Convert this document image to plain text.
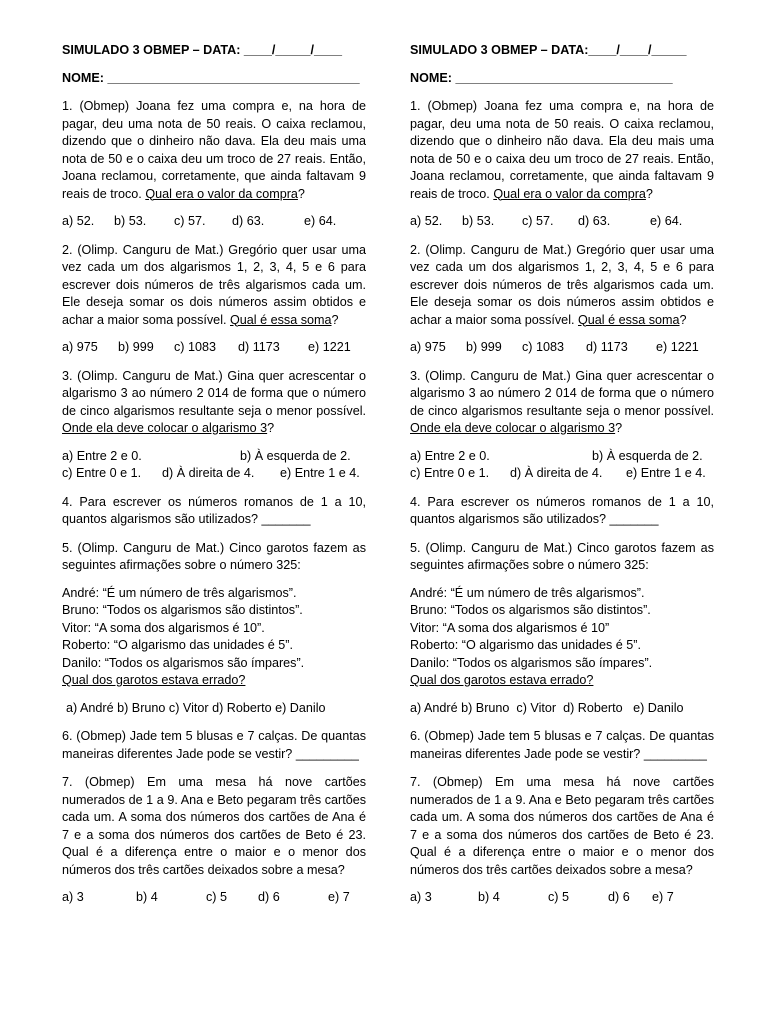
SIMULADO 3 OBMEP – DATA: ____/_____/____

NOME: ____________________________________

1. (Obmep) Joana fez uma compra e, na hora de pagar, deu uma nota de 50 reais. O caixa reclamou, dizendo que o dinheiro não dava. Ela deu mais uma nota de 50 e o caixa deu um troco de 27 reais. Então, Joana reclamou, corretamente, que ainda faltavam 9 reais de troco. Qual era o valor da compra?

a) 52. b) 53. c) 57. d) 63.	e) 64.

2. (Olimp. Canguru de Mat.) Gregório quer usar uma vez cada um dos algarismos 1, 2, 3, 4, 5 e 6 para escrever dois números de três algarismos cada um. Ele deseja somar os dois números assim obtidos e achar a maior soma possível. Qual é essa soma?

a) 975 b) 999 c) 1083 d) 1173 e) 1221

3. (Olimp. Canguru de Mat.) Gina quer acrescentar o algarismo 3 ao número 2 014 de forma que o número de cinco algarismos resultante seja o menor possível. Onde ela deve colocar o algarismo 3?

a) Entre 2 e 0.	b) À esquerda de 2.
c) Entre 0 e 1. d) À direita de 4. e) Entre 1 e 4.

4. Para escrever os números romanos de 1 a 10, quantos algarismos são utilizados? _______

5. (Olimp. Canguru de Mat.) Cinco garotos fazem as seguintes afirmações sobre o número 325:

André: “É um número de três algarismos”.
Bruno: “Todos os algarismos são distintos”.
Vitor: “A soma dos algarismos é 10”.
Roberto: “O algarismo das unidades é 5”.
Danilo: “Todos os algarismos são ímpares”.
Qual dos garotos estava errado?
a) André b) Bruno c) Vitor d) Roberto e) Danilo

6. (Obmep) Jade tem 5 blusas e 7 calças. De quantas maneiras diferentes Jade pode se vestir? _________

7. (Obmep) Em uma mesa há nove cartões numerados de 1 a 9. Ana e Beto pegaram três cartões cada um. A soma dos números dos cartões de Ana é 7 e a soma dos números dos cartões de Beto é 23. Qual é a diferença entre o maior e o menor dos números dos três cartões deixados sobre a mesa?

a) 3	b) 4	c) 5 d) 6	e) 7

SIMULADO 3 OBMEP – DATA:____/____/_____

NOME: _______________________________

1. (Obmep) Joana fez uma compra e, na hora de pagar, deu uma nota de 50 reais. O caixa reclamou, dizendo que o dinheiro não dava. Ela deu mais uma nota de 50 e o caixa deu um troco de 27 reais. Então, Joana reclamou, corretamente, que ainda faltavam 9 reais de troco. Qual era o valor da compra?

a) 52. b) 53. c) 57. d) 63.	e) 64.

2. (Olimp. Canguru de Mat.) Gregório quer usar uma vez cada um dos algarismos 1, 2, 3, 4, 5 e 6 para escrever dois números de três algarismos cada um. Ele deseja somar os dois números assim obtidos e achar a maior soma possível. Qual é essa soma?

a) 975 b) 999 c) 1083 d) 1173 e) 1221

3. (Olimp. Canguru de Mat.) Gina quer acrescentar o algarismo 3 ao número 2 014 de forma que o número de cinco algarismos resultante seja o menor possível. Onde ela deve colocar o algarismo 3?

a) Entre 2 e 0.	b) À esquerda de 2.
c) Entre 0 e 1. d) À direita de 4. e) Entre 1 e 4.

4. Para escrever os números romanos de 1 a 10, quantos algarismos são utilizados? _______

5. (Olimp. Canguru de Mat.) Cinco garotos fazem as seguintes afirmações sobre o número 325:

André: “É um número de três algarismos”.
Bruno: “Todos os algarismos são distintos”.
Vitor: “A soma dos algarismos é 10”
Roberto: “O algarismo das unidades é 5”.
Danilo: “Todos os algarismos são ímpares”.
Qual dos garotos estava errado?
a) André b) Bruno c) Vitor d) Roberto e) Danilo

6. (Obmep) Jade tem 5 blusas e 7 calças. De quantas maneiras diferentes Jade pode se vestir? _________

7. (Obmep) Em uma mesa há nove cartões numerados de 1 a 9. Ana e Beto pegaram três cartões cada um. A soma dos números dos cartões de Ana é 7 e a soma dos números dos cartões de Beto é 23. Qual é a diferença entre o maior e o menor dos números dos três cartões deixados sobre a mesa?

a) 3	b) 4	c) 5	d) 6 e) 7
